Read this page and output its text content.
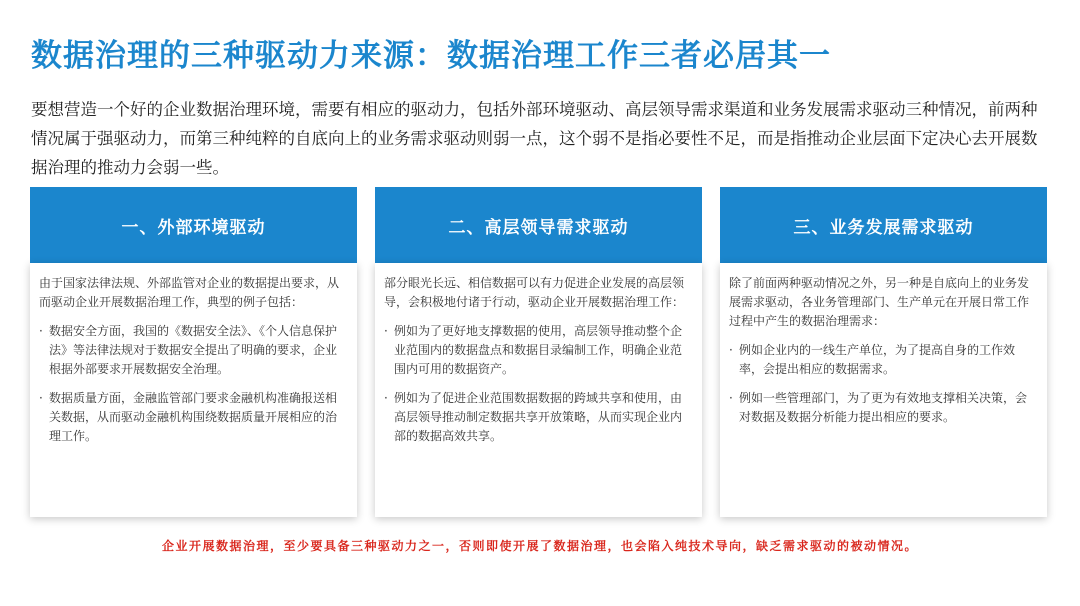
数据治理的三种驱动力来源：数据治理工作三者必居其一
要想营造一个好的企业数据治理环境，需要有相应的驱动力，包括外部环境驱动、高层领导需求渠道和业务发展需求驱动三种情况，前两种情况属于强驱动力，而第三种纯粹的自底向上的业务需求驱动则弱一点，这个弱不是指必要性不足，而是指推动企业层面下定决心去开展数据治理的推动力会弱一些。
一、外部环境驱动

由于国家法律法规、外部监管对企业的数据提出要求，从而驱动企业开展数据治理工作，典型的例子包括：

· 数据安全方面，我国的《数据安全法》、《个人信息保护法》等法律法规对于数据安全提出了明确的要求，企业根据外部要求开展数据安全治理。

· 数据质量方面，金融监管部门要求金融机构准确报送相关数据，从而驱动金融机构围绕数据质量开展相应的治理工作。

二、高层领导需求驱动

部分眼光长远、相信数据可以有力促进企业发展的高层领导，会积极地付诸于行动，驱动企业开展数据治理工作：

· 例如为了更好地支撑数据的使用，高层领导推动整个企业范围内的数据盘点和数据目录编制工作，明确企业范围内可用的数据资产。

· 例如为了促进企业范围数据数据的跨域共享和使用，由高层领导推动制定数据共享开放策略，从而实现企业内部的数据高效共享。

三、业务发展需求驱动

除了前面两种驱动情况之外，另一种是自底向上的业务发展需求驱动，各业务管理部门、生产单元在开展日常工作过程中产生的数据治理需求：

· 例如企业内的一线生产单位，为了提高自身的工作效率，会提出相应的数据需求。

· 例如一些管理部门，为了更为有效地支撑相关决策，会对数据及数据分析能力提出相应的要求。

企业开展数据治理，至少要具备三种驱动力之一，否则即使开展了数据治理，也会陷入纯技术导向，缺乏需求驱动的被动情况。
